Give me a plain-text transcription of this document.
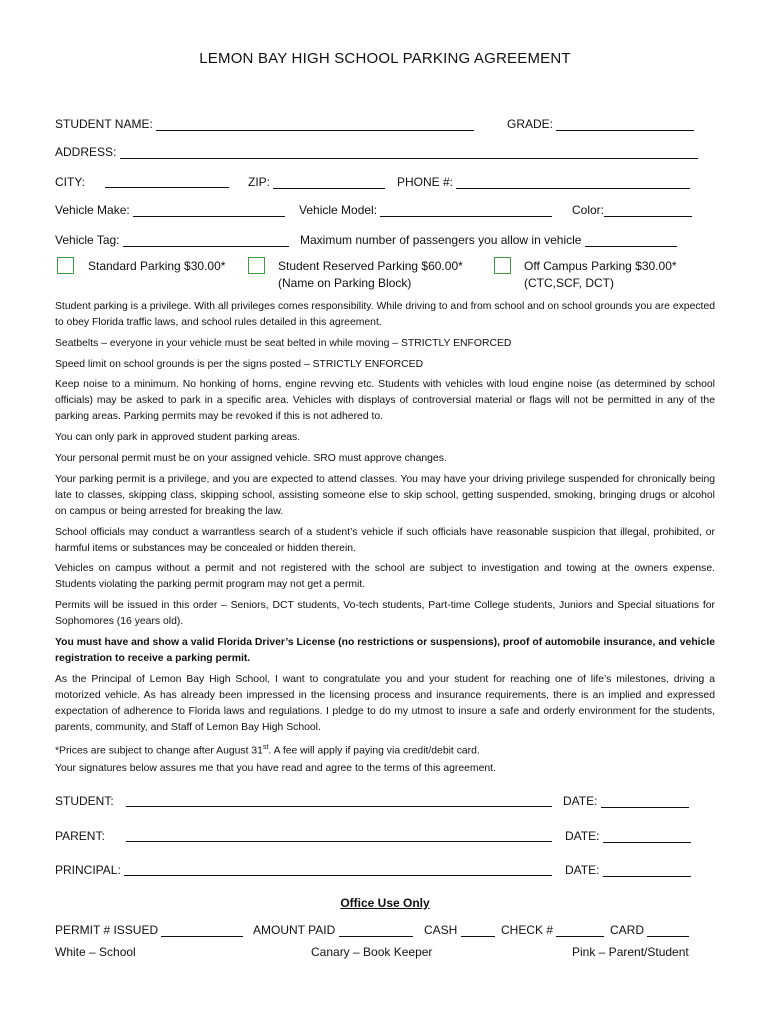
LEMON BAY HIGH SCHOOL PARKING AGREEMENT
STUDENT NAME:	GRADE:
ADDRESS:
CITY:	ZIP:	PHONE #:
Vehicle Make:	Vehicle Model:	Color:
Vehicle Tag:	Maximum number of passengers you allow in vehicle
Standard Parking $30.00*	Student Reserved Parking $60.00*
(Name on Parking Block)
Off Campus Parking $30.00*
(CTC,SCF, DCT)
Student parking is a privilege. With all privileges comes responsibility. While driving to and from school and on school grounds you are expected to obey Florida traffic laws, and school rules detailed in this agreement.
Seatbelts – everyone in your vehicle must be seat belted in while moving – STRICTLY ENFORCED
Speed limit on school grounds is per the signs posted – STRICTLY ENFORCED
Keep noise to a minimum. No honking of horns, engine revving etc. Students with vehicles with loud engine noise (as determined by school officials) may be asked to park in a specific area. Vehicles with displays of controversial material or flags will not be permitted in any of the parking areas. Parking permits may be revoked if this is not adhered to.
You can only park in approved student parking areas.
Your personal permit must be on your assigned vehicle. SRO must approve changes.
Your parking permit is a privilege, and you are expected to attend classes. You may have your driving privilege suspended for chronically being late to classes, skipping class, skipping school, assisting someone else to skip school, getting suspended, smoking, bringing drugs or alcohol on campus or being arrested for breaking the law.
School officials may conduct a warrantless search of a student’s vehicle if such officials have reasonable suspicion that illegal, prohibited, or harmful items or substances may be concealed or hidden therein.
Vehicles on campus without a permit and not registered with the school are subject to investigation and towing at the owners expense. Students violating the parking permit program may not get a permit.
Permits will be issued in this order – Seniors, DCT students, Vo-tech students, Part-time College students, Juniors and Special situations for Sophomores (16 years old).
You must have and show a valid Florida Driver’s License (no restrictions or suspensions), proof of automobile insurance, and vehicle registration to receive a parking permit.
As the Principal of Lemon Bay High School, I want to congratulate you and your student for reaching one of life’s milestones, driving a motorized vehicle. As has already been impressed in the licensing process and insurance requirements, there is an implied and expressed expectation of adherence to Florida laws and regulations. I pledge to do my utmost to insure a safe and orderly environment for the students, parents, community, and Staff of Lemon Bay High School.
*Prices are subject to change after August 31st. A fee will apply if paying via credit/debit card.
Your signatures below assures me that you have read and agree to the terms of this agreement.
STUDENT:	DATE:
PARENT:	DATE:
PRINCIPAL:	DATE:
Office Use Only
PERMIT # ISSUED	AMOUNT PAID	CASH	CHECK #	CARD
White – School	Canary – Book Keeper	Pink – Parent/Student
